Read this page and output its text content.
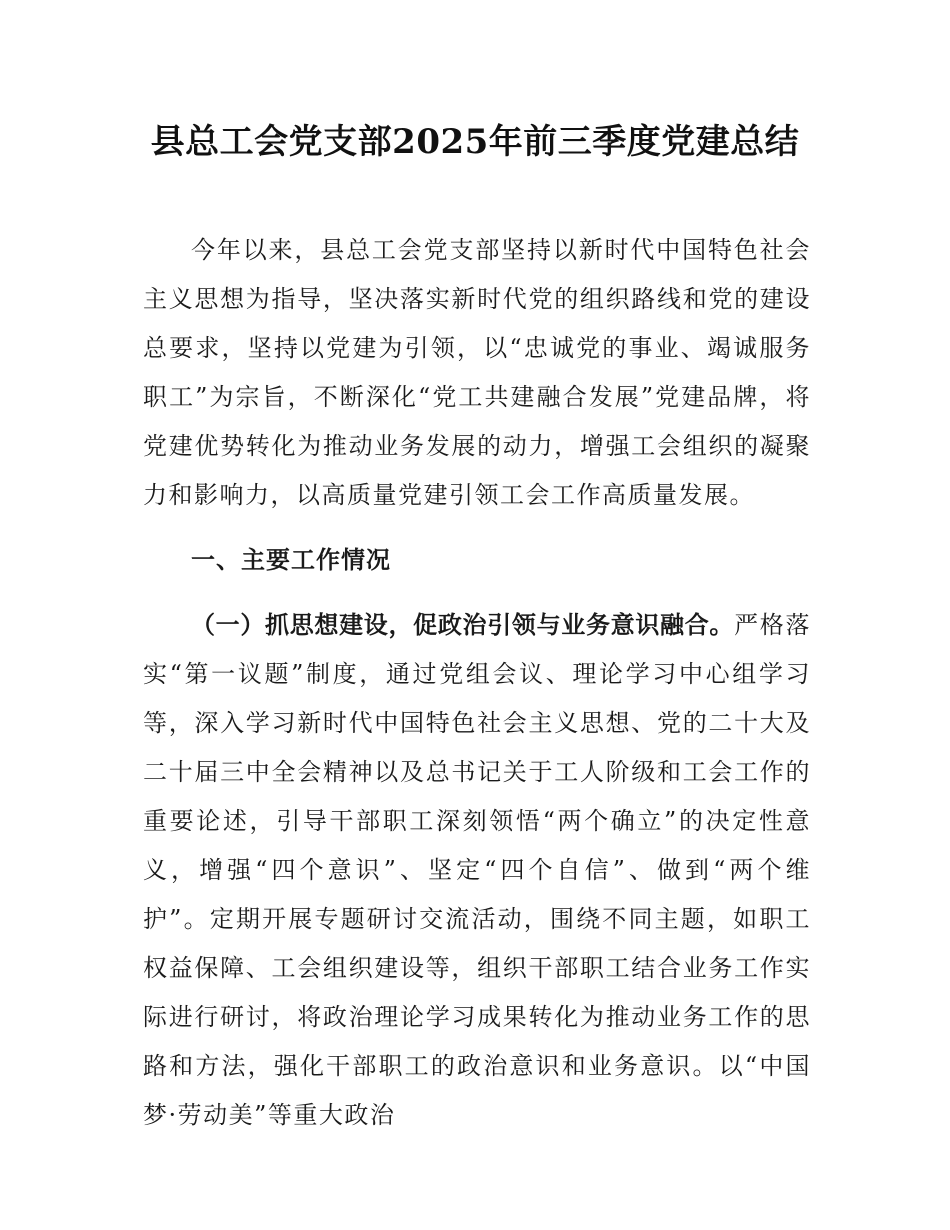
县总工会党支部2025年前三季度党建总结

今年以来，县总工会党支部坚持以新时代中国特色社会主义思想为指导，坚决落实新时代党的组织路线和党的建设总要求，坚持以党建为引领，以“忠诚党的事业、竭诚服务职工”为宗旨，不断深化“党工共建融合发展”党建品牌，将党建优势转化为推动业务发展的动力，增强工会组织的凝聚力和影响力，以高质量党建引领工会工作高质量发展。

一、主要工作情况

（一）抓思想建设，促政治引领与业务意识融合。严格落实“第一议题”制度，通过党组会议、理论学习中心组学习等，深入学习新时代中国特色社会主义思想、党的二十大及二十届三中全会精神以及总书记关于工人阶级和工会工作的重要论述，引导干部职工深刻领悟“两个确立”的决定性意义，增强“四个意识”、坚定“四个自信”、做到“两个维护”。定期开展专题研讨交流活动，围绕不同主题，如职工权益保障、工会组织建设等，组织干部职工结合业务工作实际进行研讨，将政治理论学习成果转化为推动业务工作的思路和方法，强化干部职工的政治意识和业务意识。以“中国梦·劳动美”等重大政治
